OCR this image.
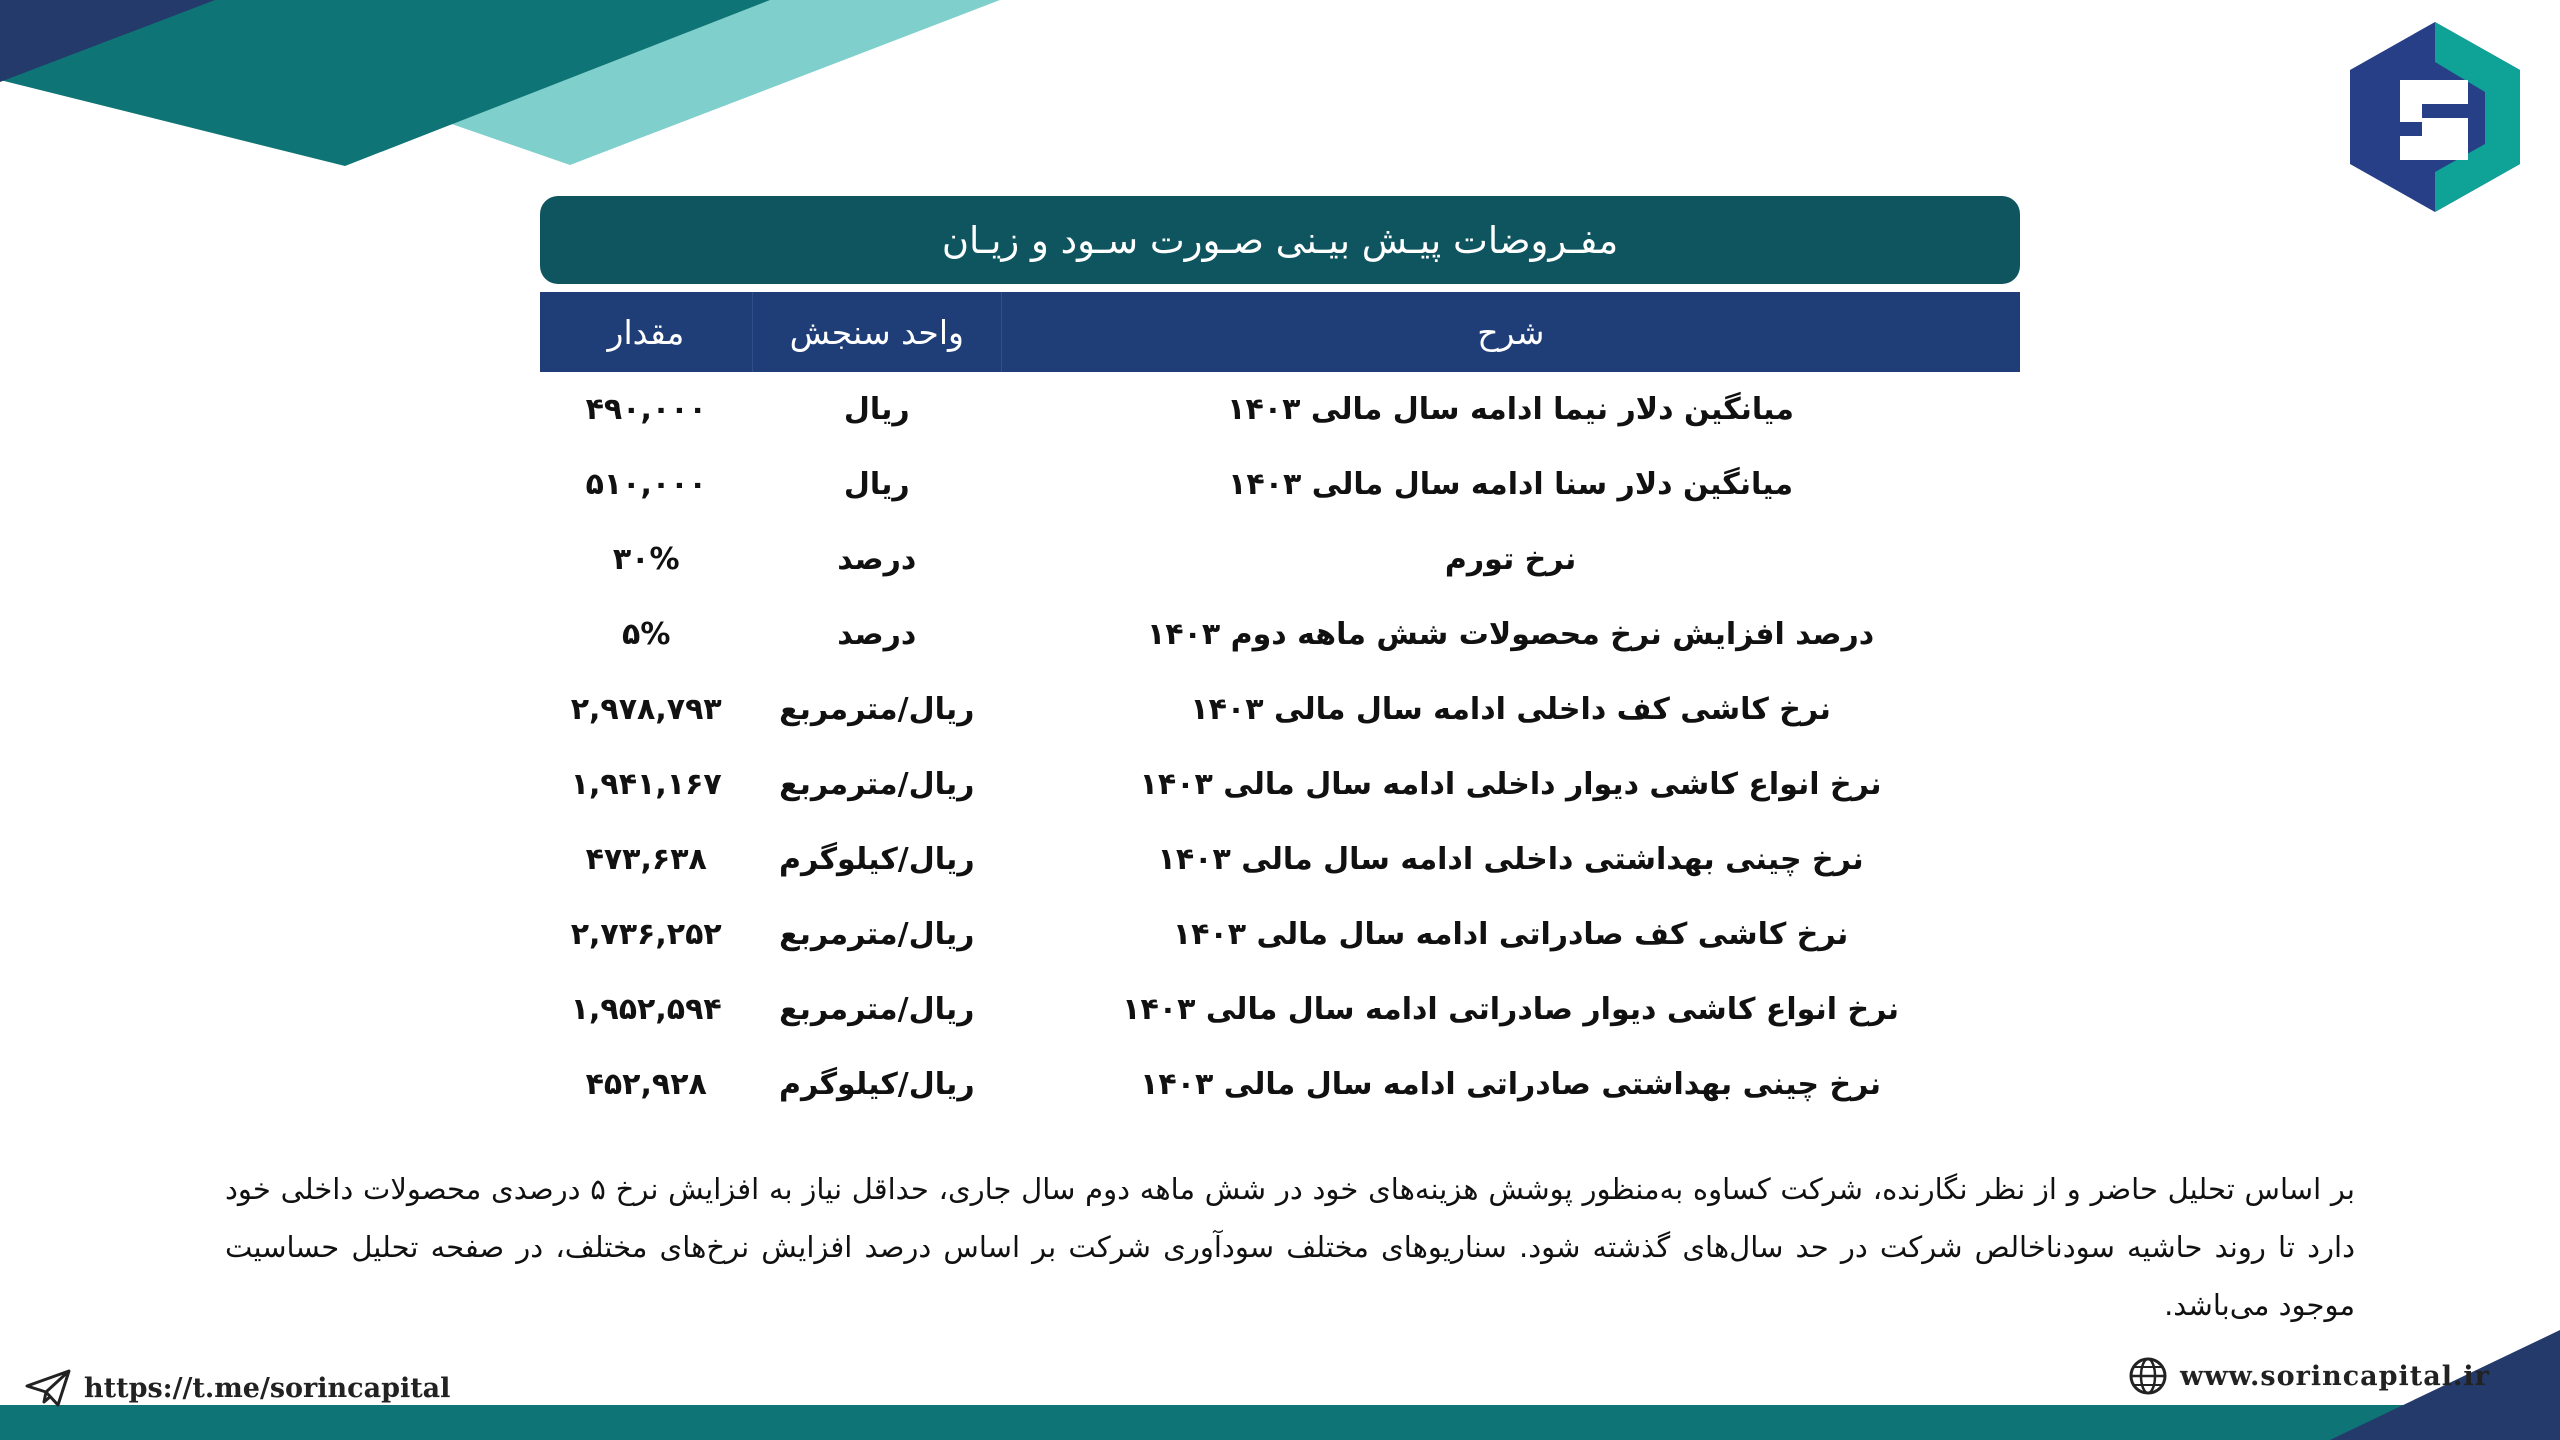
مفـروضات پیـش بیـنی صـورت سـود و زیـان
شرح	واحد سنجش	مقدار
میانگین دلار نیما ادامه سال مالی ۱۴۰۳	ریال	۴۹۰,۰۰۰
میانگین دلار سنا ادامه سال مالی ۱۴۰۳	ریال	۵۱۰,۰۰۰
نرخ تورم	درصد	۳۰%
درصد افزایش نرخ محصولات شش ماهه دوم ۱۴۰۳	درصد	۵%
نرخ کاشی کف داخلی ادامه سال مالی ۱۴۰۳	ریال/مترمربع	۲,۹۷۸,۷۹۳
نرخ انواع کاشی دیوار داخلی ادامه سال مالی ۱۴۰۳	ریال/مترمربع	۱,۹۴۱,۱۶۷
نرخ چینی بهداشتی داخلی ادامه سال مالی ۱۴۰۳	ریال/کیلوگرم	۴۷۳,۶۳۸
نرخ کاشی کف صادراتی ادامه سال مالی ۱۴۰۳	ریال/مترمربع	۲,۷۳۶,۲۵۲
نرخ انواع کاشی دیوار صادراتی ادامه سال مالی ۱۴۰۳	ریال/مترمربع	۱,۹۵۲,۵۹۴
نرخ چینی بهداشتی صادراتی ادامه سال مالی ۱۴۰۳	ریال/کیلوگرم	۴۵۲,۹۲۸
بر اساس تحلیل حاضر و از نظر نگارنده، شرکت کساوه به‌منظور پوشش هزینه‌های خود در شش ماهه دوم سال جاری، حداقل نیاز به افزایش نرخ ۵ درصدی محصولات داخلی خود دارد تا روند حاشیه سودناخالص شرکت در حد سال‌های گذشته شود. سناریوهای مختلف سودآوری شرکت بر اساس درصد افزایش نرخ‌های مختلف، در صفحه تحلیل حساسیت موجود می‌باشد.
https://t.me/sorincapital	www.sorincapital.ir
